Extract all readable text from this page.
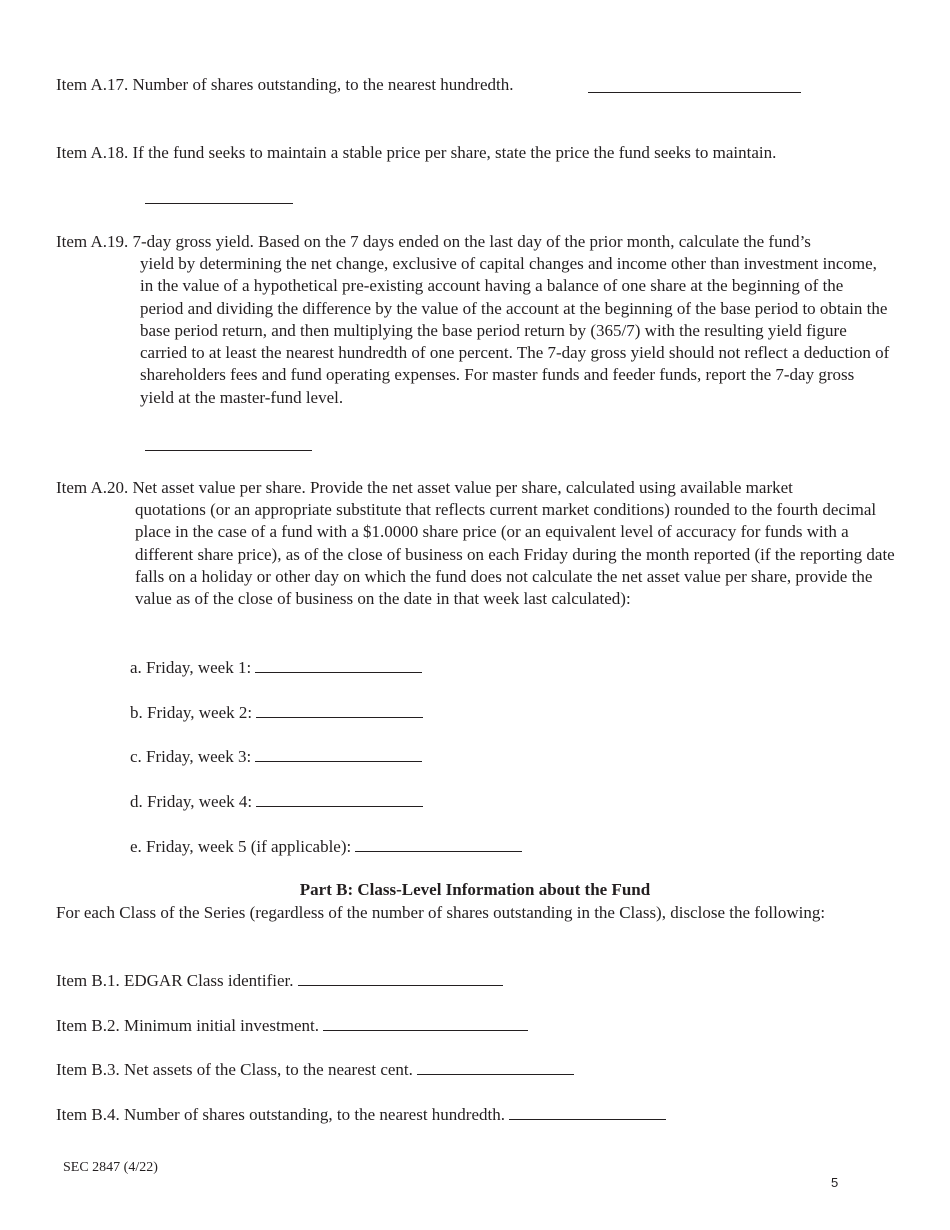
Item A.17. Number of shares outstanding, to the nearest hundredth.
Item A.18. If the fund seeks to maintain a stable price per share, state the price the fund seeks to maintain.
Item A.19. 7-day gross yield. Based on the 7 days ended on the last day of the prior month, calculate the fund’s
yield by determining the net change, exclusive of capital changes and income other than investment income, in the value of a hypothetical pre-existing account having a balance of one share at the beginning of the period and dividing the difference by the value of the account at the beginning of the base period to obtain the base period return, and then multiplying the base period return by (365/7) with the resulting yield figure carried to at least the nearest hundredth of one percent. The 7-day gross yield should not reflect a deduction of shareholders fees and fund operating expenses. For master funds and feeder funds, report the 7-day gross yield at the master-fund level.
Item A.20. Net asset value per share. Provide the net asset value per share, calculated using available market
quotations (or an appropriate substitute that reflects current market conditions) rounded to the fourth decimal place in the case of a fund with a $1.0000 share price (or an equivalent level of accuracy for funds with a different share price), as of the close of business on each Friday during the month reported (if the reporting date falls on a holiday or other day on which the fund does not calculate the net asset value per share, provide the value as of the close of business on the date in that week last calculated):
a. Friday, week 1:
b. Friday, week 2:
c. Friday, week 3:
d. Friday, week 4:
e. Friday, week 5 (if applicable):
Part B: Class-Level Information about the Fund
For each Class of the Series (regardless of the number of shares outstanding in the Class), disclose the following:
Item B.1. EDGAR Class identifier.
Item B.2. Minimum initial investment.
Item B.3. Net assets of the Class, to the nearest cent.
Item B.4. Number of shares outstanding, to the nearest hundredth.
SEC 2847 (4/22)
5
